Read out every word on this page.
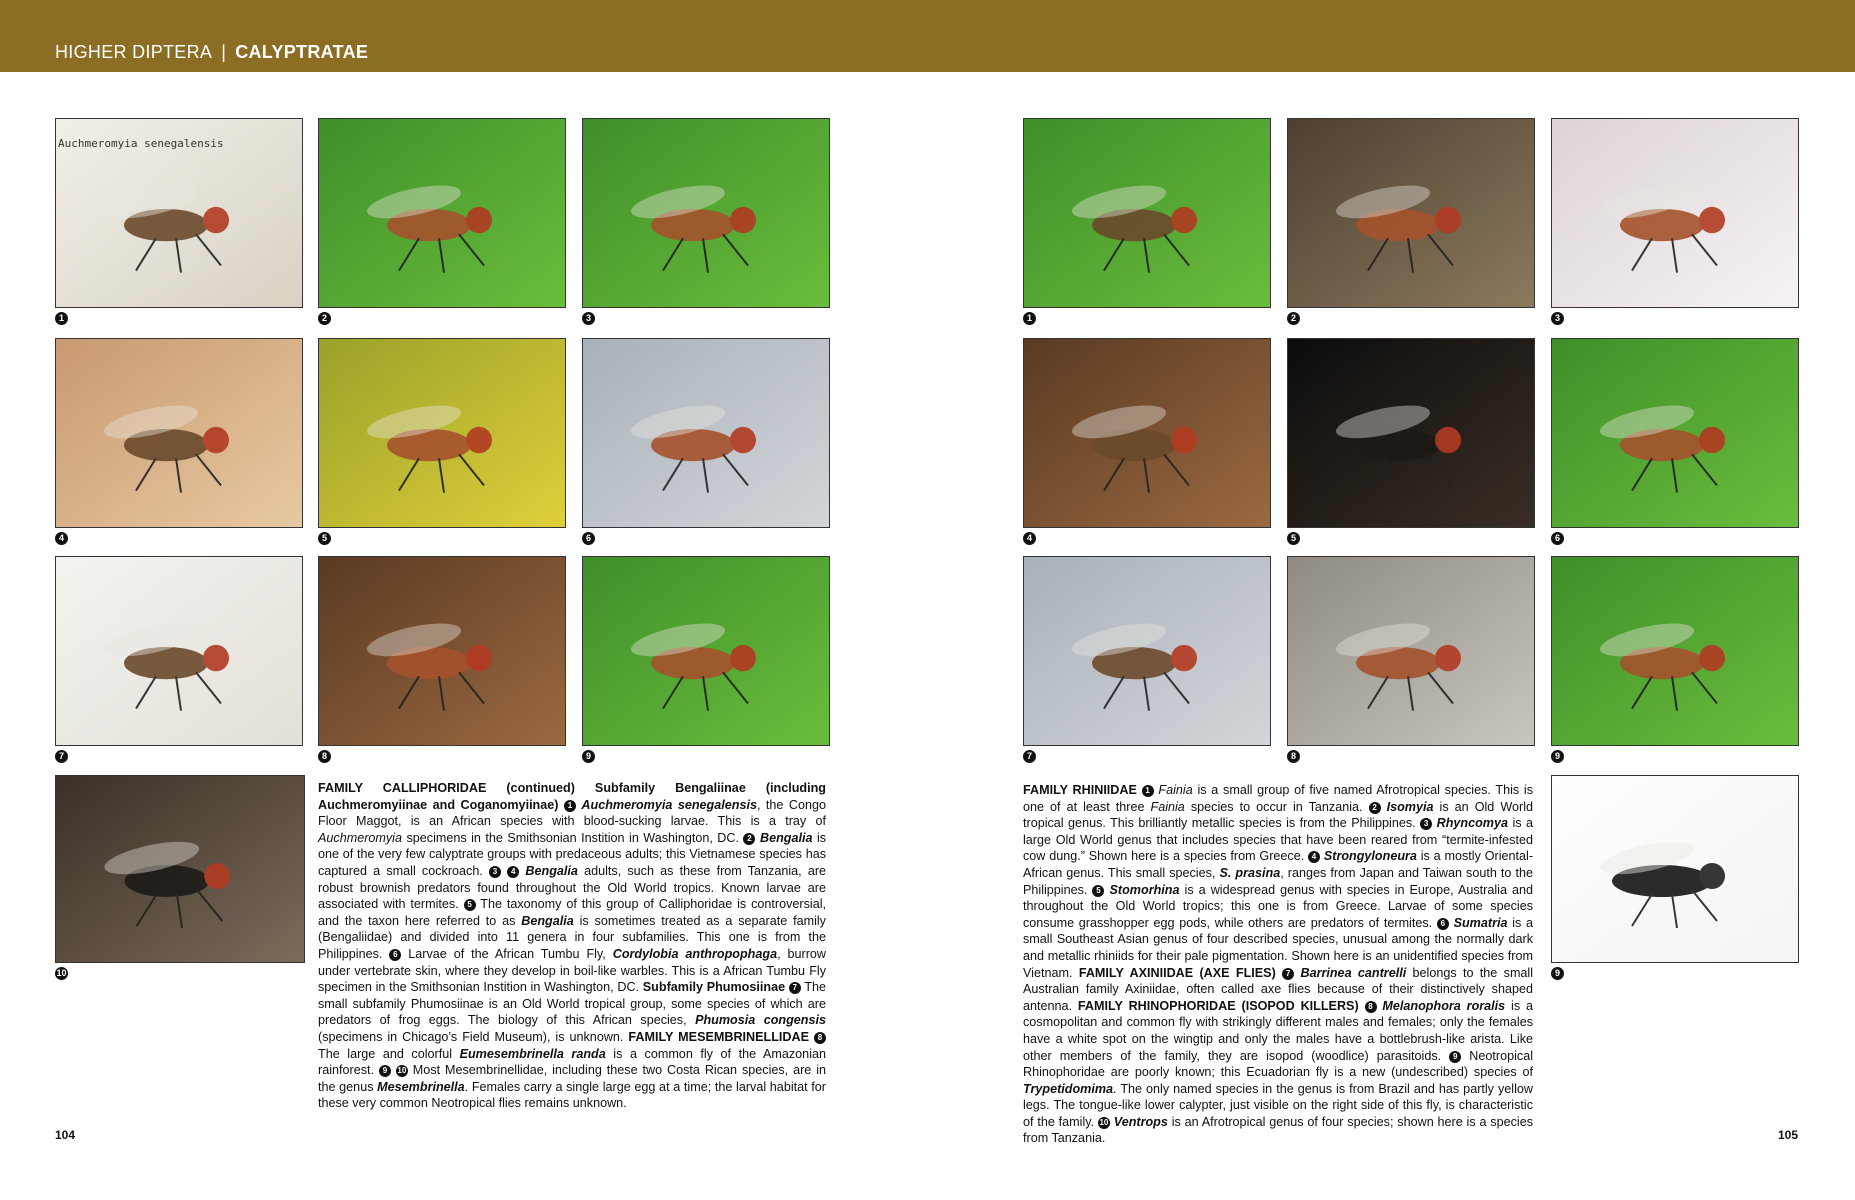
HIGHER DIPTERA | CALYPTRATAE
Auchmeromyia senegalensis
1	2	3
4	5	6
7	8	9
10
1	2	3
4	5	6
7	8	9
9
FAMILY CALLIPHORIDAE (continued) Subfamily Bengaliinae (including Auchmeromyiinae and Coganomyiinae) 1 Auchmeromyia senegalensis, the Congo Floor Maggot, is an African species with blood-sucking larvae. This is a tray of Auchmeromyia specimens in the Smithsonian Instition in Washington, DC. 2 Bengalia is one of the very few calyptrate groups with predaceous adults; this Vietnamese species has captured a small cockroach. 3 4 Bengalia adults, such as these from Tanzania, are robust brownish predators found throughout the Old World tropics. Known larvae are associated with termites. 5 The taxonomy of this group of Calliphoridae is controversial, and the taxon here referred to as Bengalia is sometimes treated as a separate family (Bengaliidae) and divided into 11 genera in four subfamilies. This one is from the Philippines. 6 Larvae of the African Tumbu Fly, Cordylobia anthropophaga, burrow under vertebrate skin, where they develop in boil-like warbles. This is a African Tumbu Fly specimen in the Smithsonian Instition in Washington, DC. Subfamily Phumosiinae 7 The small subfamily Phumosiinae is an Old World tropical group, some species of which are predators of frog eggs. The biology of this African species, Phumosia congensis (specimens in Chicago’s Field Museum), is unknown. FAMILY MESEMBRINELLIDAE 8 The large and colorful Eumesembrinella randa is a common fly of the Amazonian rainforest. 9 10 Most Mesembrinellidae, including these two Costa Rican species, are in the genus Mesembrinella. Females carry a single large egg at a time; the larval habitat for these very common Neotropical flies remains unknown.
FAMILY RHINIIDAE 1 Fainia is a small group of five named Afrotropical species. This is one of at least three Fainia species to occur in Tanzania. 2 Isomyia is an Old World tropical genus. This brilliantly metallic species is from the Philippines. 3 Rhyncomya is a large Old World genus that includes species that have been reared from “termite-infested cow dung.” Shown here is a species from Greece. 4 Strongyloneura is a mostly Oriental-African genus. This small species, S. prasina, ranges from Japan and Taiwan south to the Philippines. 5 Stomorhina is a widespread genus with species in Europe, Australia and throughout the Old World tropics; this one is from Greece. Larvae of some species consume grasshopper egg pods, while others are predators of termites. 6 Sumatria is a small Southeast Asian genus of four described species, unusual among the normally dark and metallic rhiniids for their pale pigmentation. Shown here is an unidentified species from Vietnam. FAMILY AXINIIDAE (AXE FLIES) 7 Barrinea cantrelli belongs to the small Australian family Axiniidae, often called axe flies because of their distinctively shaped antenna. FAMILY RHINOPHORIDAE (ISOPOD KILLERS) 8 Melanophora roralis is a cosmopolitan and common fly with strikingly different males and females; only the females have a white spot on the wingtip and only the males have a bottlebrush-like arista. Like other members of the family, they are isopod (woodlice) parasitoids. 9 Neotropical Rhinophoridae are poorly known; this Ecuadorian fly is a new (undescribed) species of Trypetidomima. The only named species in the genus is from Brazil and has partly yellow legs. The tongue-like lower calypter, just visible on the right side of this fly, is characteristic of the family. 10 Ventrops is an Afrotropical genus of four species; shown here is a species from Tanzania.
104	105
